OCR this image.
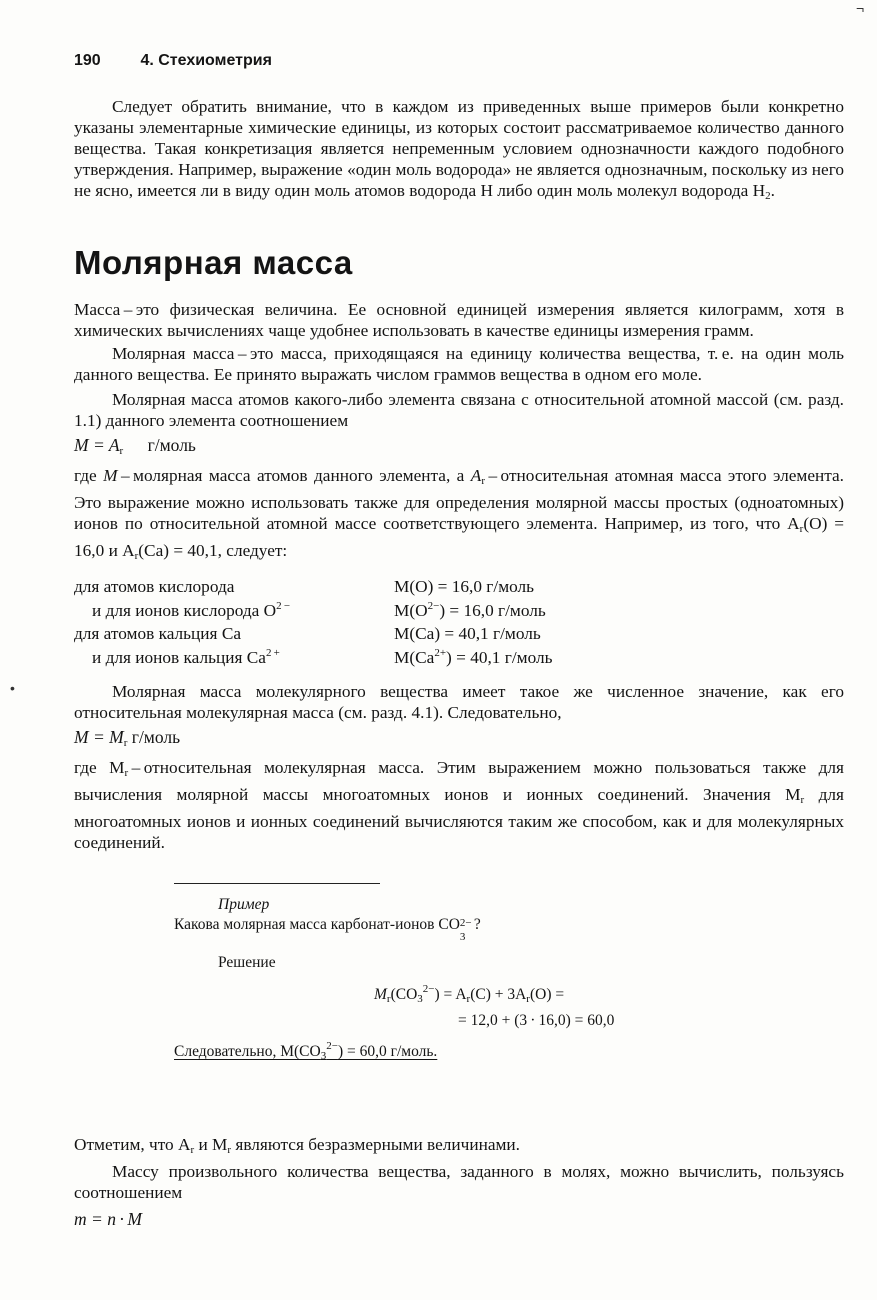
190 4. Стехиометрия

Следует обратить внимание, что в каждом из приведенных выше примеров были конкретно указаны элементарные химические единицы, из которых состоит рассматриваемое количество данного вещества. Такая конкретизация является непременным условием однозначности каждого подобного утверждения. Например, выражение «один моль водорода» не является однозначным, поскольку из него не ясно, имеется ли в виду один моль атомов водорода Н либо один моль молекул водорода $Н_2$.

Молярная масса

Масса – это физическая величина. Ее основной единицей измерения является килограмм, хотя в химических вычислениях чаще удобнее использовать в качестве единицы измерения грамм.

Молярная масса – это масса, приходящаяся на единицу количества вещества, т. е. на один моль данного вещества. Ее принято выражать числом граммов вещества в одном его моле.

Молярная масса атомов какого-либо элемента связана с относительной атомной массой (см. разд. 1.1) данного элемента соотношением

$M = A_r$ г/моль

где M – молярная масса атомов данного элемента, а $A_r$ – относительная атомная масса этого элемента. Это выражение можно использовать также для определения молярной массы простых (одноатомных) ионов по относительной атомной массе соответствующего элемента. Например, из того, что $A_r(O) = 16,0$ и $A_r(Ca) = 40,1$, следует:

для атомов кислорода	M(O) = 16,0 г/моль
и для ионов кислорода $O^{2 -}$	$M(O^{2-}) = 16,0$ г/моль
для атомов кальция Ca	M(Ca) = 40,1 г/моль
и для ионов кальция $Ca^{2 +}$	$M(Ca^{2+}) = 40,1$ г/моль

Молярная масса молекулярного вещества имеет такое же численное значение, как его относительная молекулярная масса (см. разд. 4.1). Следовательно,

$M = M_r$ г/моль

где $M_r$ – относительная молекулярная масса. Этим выражением можно пользоваться также для вычисления молярной массы многоатомных ионов и ионных соединений. Значения $M_r$ для многоатомных ионов и ионных соединений вычисляются таким же способом, как и для молекулярных соединений.

Пример
Какова молярная масса карбонат-ионов CO 2−
3
?
Решение
$M_r(CO_3^{2-}) = A_r(C) + 3A_r(O)$ =
= 12,0 + (3 · 16,0) = 60,0
Следовательно, $M(CO_3^{2-}) = 60,0$ г/моль.

Отметим, что $A_r$ и $M_r$ являются безразмерными величинами.

Массу произвольного количества вещества, заданного в молях, можно вычислить, пользуясь соотношением

m = n · M
¬
•
